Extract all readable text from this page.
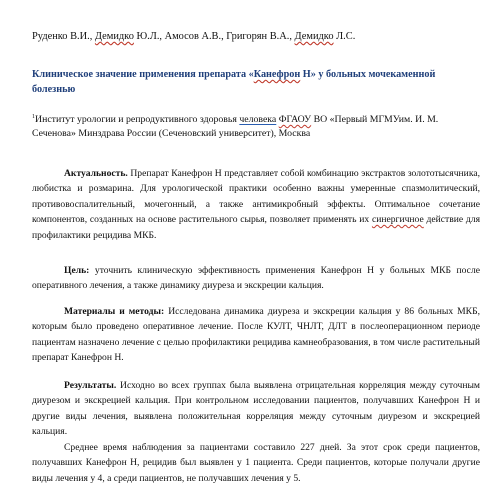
Руденко В.И., Демидко Ю.Л., Амосов А.В., Григорян В.А., Демидко Л.С.
Клиническое значение применения препарата «Канефрон Н» у больных мочекаменной болезнью
$^1$Институт урологии и репродуктивного здоровья человека ФГАОУ ВО «Первый МГМУим. И. М. Сеченова» Минздрава России (Сеченовский университет), Москва
Актуальность. Препарат Канефрон Н представляет собой комбинацию экстрактов золототысячника, любистка и розмарина. Для урологической практики особенно важны умеренные спазмолитический, противовоспалительный, мочегонный, а также антимикробный эффекты. Оптимальное сочетание компонентов, созданных на основе растительного сырья, позволяет применять их синергичное действие для профилактики рецидива МКБ.
Цель: уточнить клиническую эффективность применения Канефрон Н у больных МКБ после оперативного лечения, а также динамику диуреза и экскреции кальция.
Материалы и методы: Исследована динамика диуреза и экскреции кальция у 86 больных МКБ, которым было проведено оперативное лечение. После КУЛТ, ЧНЛТ, ДЛТ в послеоперационном периоде пациентам назначено лечение с целью профилактики рецидива камнеобразования, в том числе растительный препарат Канефрон Н.
Результаты. Исходно во всех группах была выявлена отрицательная корреляция между суточным диурезом и экскрецией кальция. При контрольном исследовании пациентов, получавших Канефрон Н и другие виды лечения, выявлена положительная корреляция между суточным диурезом и экскрецией кальция.
Среднее время наблюдения за пациентами составило 227 дней. За этот срок среди пациентов, получавших Канефрон Н, рецидив был выявлен у 1 пациента. Среди пациентов, которые получали другие виды лечения у 4, а среди пациентов, не получавших лечения у 5.
